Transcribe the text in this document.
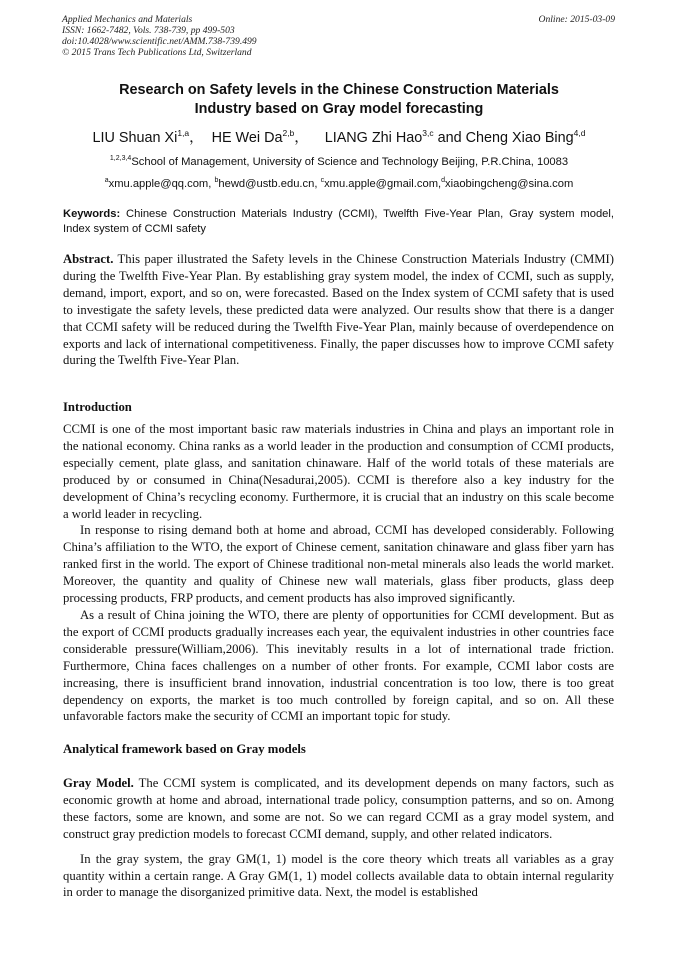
Applied Mechanics and Materials
ISSN: 1662-7482, Vols. 738-739, pp 499-503
doi:10.4028/www.scientific.net/AMM.738-739.499
© 2015 Trans Tech Publications Ltd, Switzerland
Online: 2015-03-09
Research on Safety levels in the Chinese Construction Materials
Industry based on Gray model forecasting
LIU Shuan Xi$^{1,a}$，  HE Wei Da$^{2,b}$，    LIANG Zhi Hao$^{3,c}$ and Cheng Xiao Bing$^{4,d}$
$^{1,2,3,4}$School of Management, University of Science and Technology Beijing, P.R.China, 10083
$^a$xmu.apple@qq.com, $^b$hewd@ustb.edu.cn, $^c$xmu.apple@gmail.com,$^d$xiaobingcheng@sina.com
Keywords: Chinese Construction Materials Industry (CCMI), Twelfth Five-Year Plan, Gray system model, Index system of CCMI safety

Abstract. This paper illustrated the Safety levels in the Chinese Construction Materials Industry (CMMI) during the Twelfth Five-Year Plan. By establishing gray system model, the index of CCMI, such as supply, demand, import, export, and so on, were forecasted. Based on the Index system of CCMI safety that is used to investigate the safety levels, these predicted data were analyzed. Our results show that there is a danger that CCMI safety will be reduced during the Twelfth Five-Year Plan, mainly because of overdependence on exports and lack of international competitiveness. Finally, the paper discusses how to improve CCMI safety during the Twelfth Five-Year Plan.

Introduction

CCMI is one of the most important basic raw materials industries in China and plays an important role in the national economy. China ranks as a world leader in the production and consumption of CCMI products, especially cement, plate glass, and sanitation chinaware. Half of the world totals of these materials are produced by or consumed in China(Nesadurai,2005). CCMI is therefore also a key industry for the development of China’s recycling economy. Furthermore, it is crucial that an industry on this scale become a world leader in recycling.

In response to rising demand both at home and abroad, CCMI has developed considerably. Following China’s affiliation to the WTO, the export of Chinese cement, sanitation chinaware and glass fiber yarn has ranked first in the world. The export of Chinese traditional non-metal minerals also leads the world market. Moreover, the quantity and quality of Chinese new wall materials, glass fiber products, glass deep processing products, FRP products, and cement products has also improved significantly.

As a result of China joining the WTO, there are plenty of opportunities for CCMI development. But as the export of CCMI products gradually increases each year, the equivalent industries in other countries face considerable pressure(William,2006). This inevitably results in a lot of international trade friction. Furthermore, China faces challenges on a number of other fronts. For example, CCMI labor costs are increasing, there is insufficient brand innovation, industrial concentration is too low, there is too great dependency on exports, the market is too much controlled by foreign capital, and so on. All these unfavorable factors make the security of CCMI an important topic for study.

Analytical framework based on Gray models

Gray Model. The CCMI system is complicated, and its development depends on many factors, such as economic growth at home and abroad, international trade policy, consumption patterns, and so on. Among these factors, some are known, and some are not. So we can regard CCMI as a gray model system, and construct gray prediction models to forecast CCMI demand, supply, and other related indicators.

In the gray system, the gray GM(1, 1) model is the core theory which treats all variables as a gray quantity within a certain range. A Gray GM(1, 1) model collects available data to obtain internal regularity in order to manage the disorganized primitive data. Next, the model is established
